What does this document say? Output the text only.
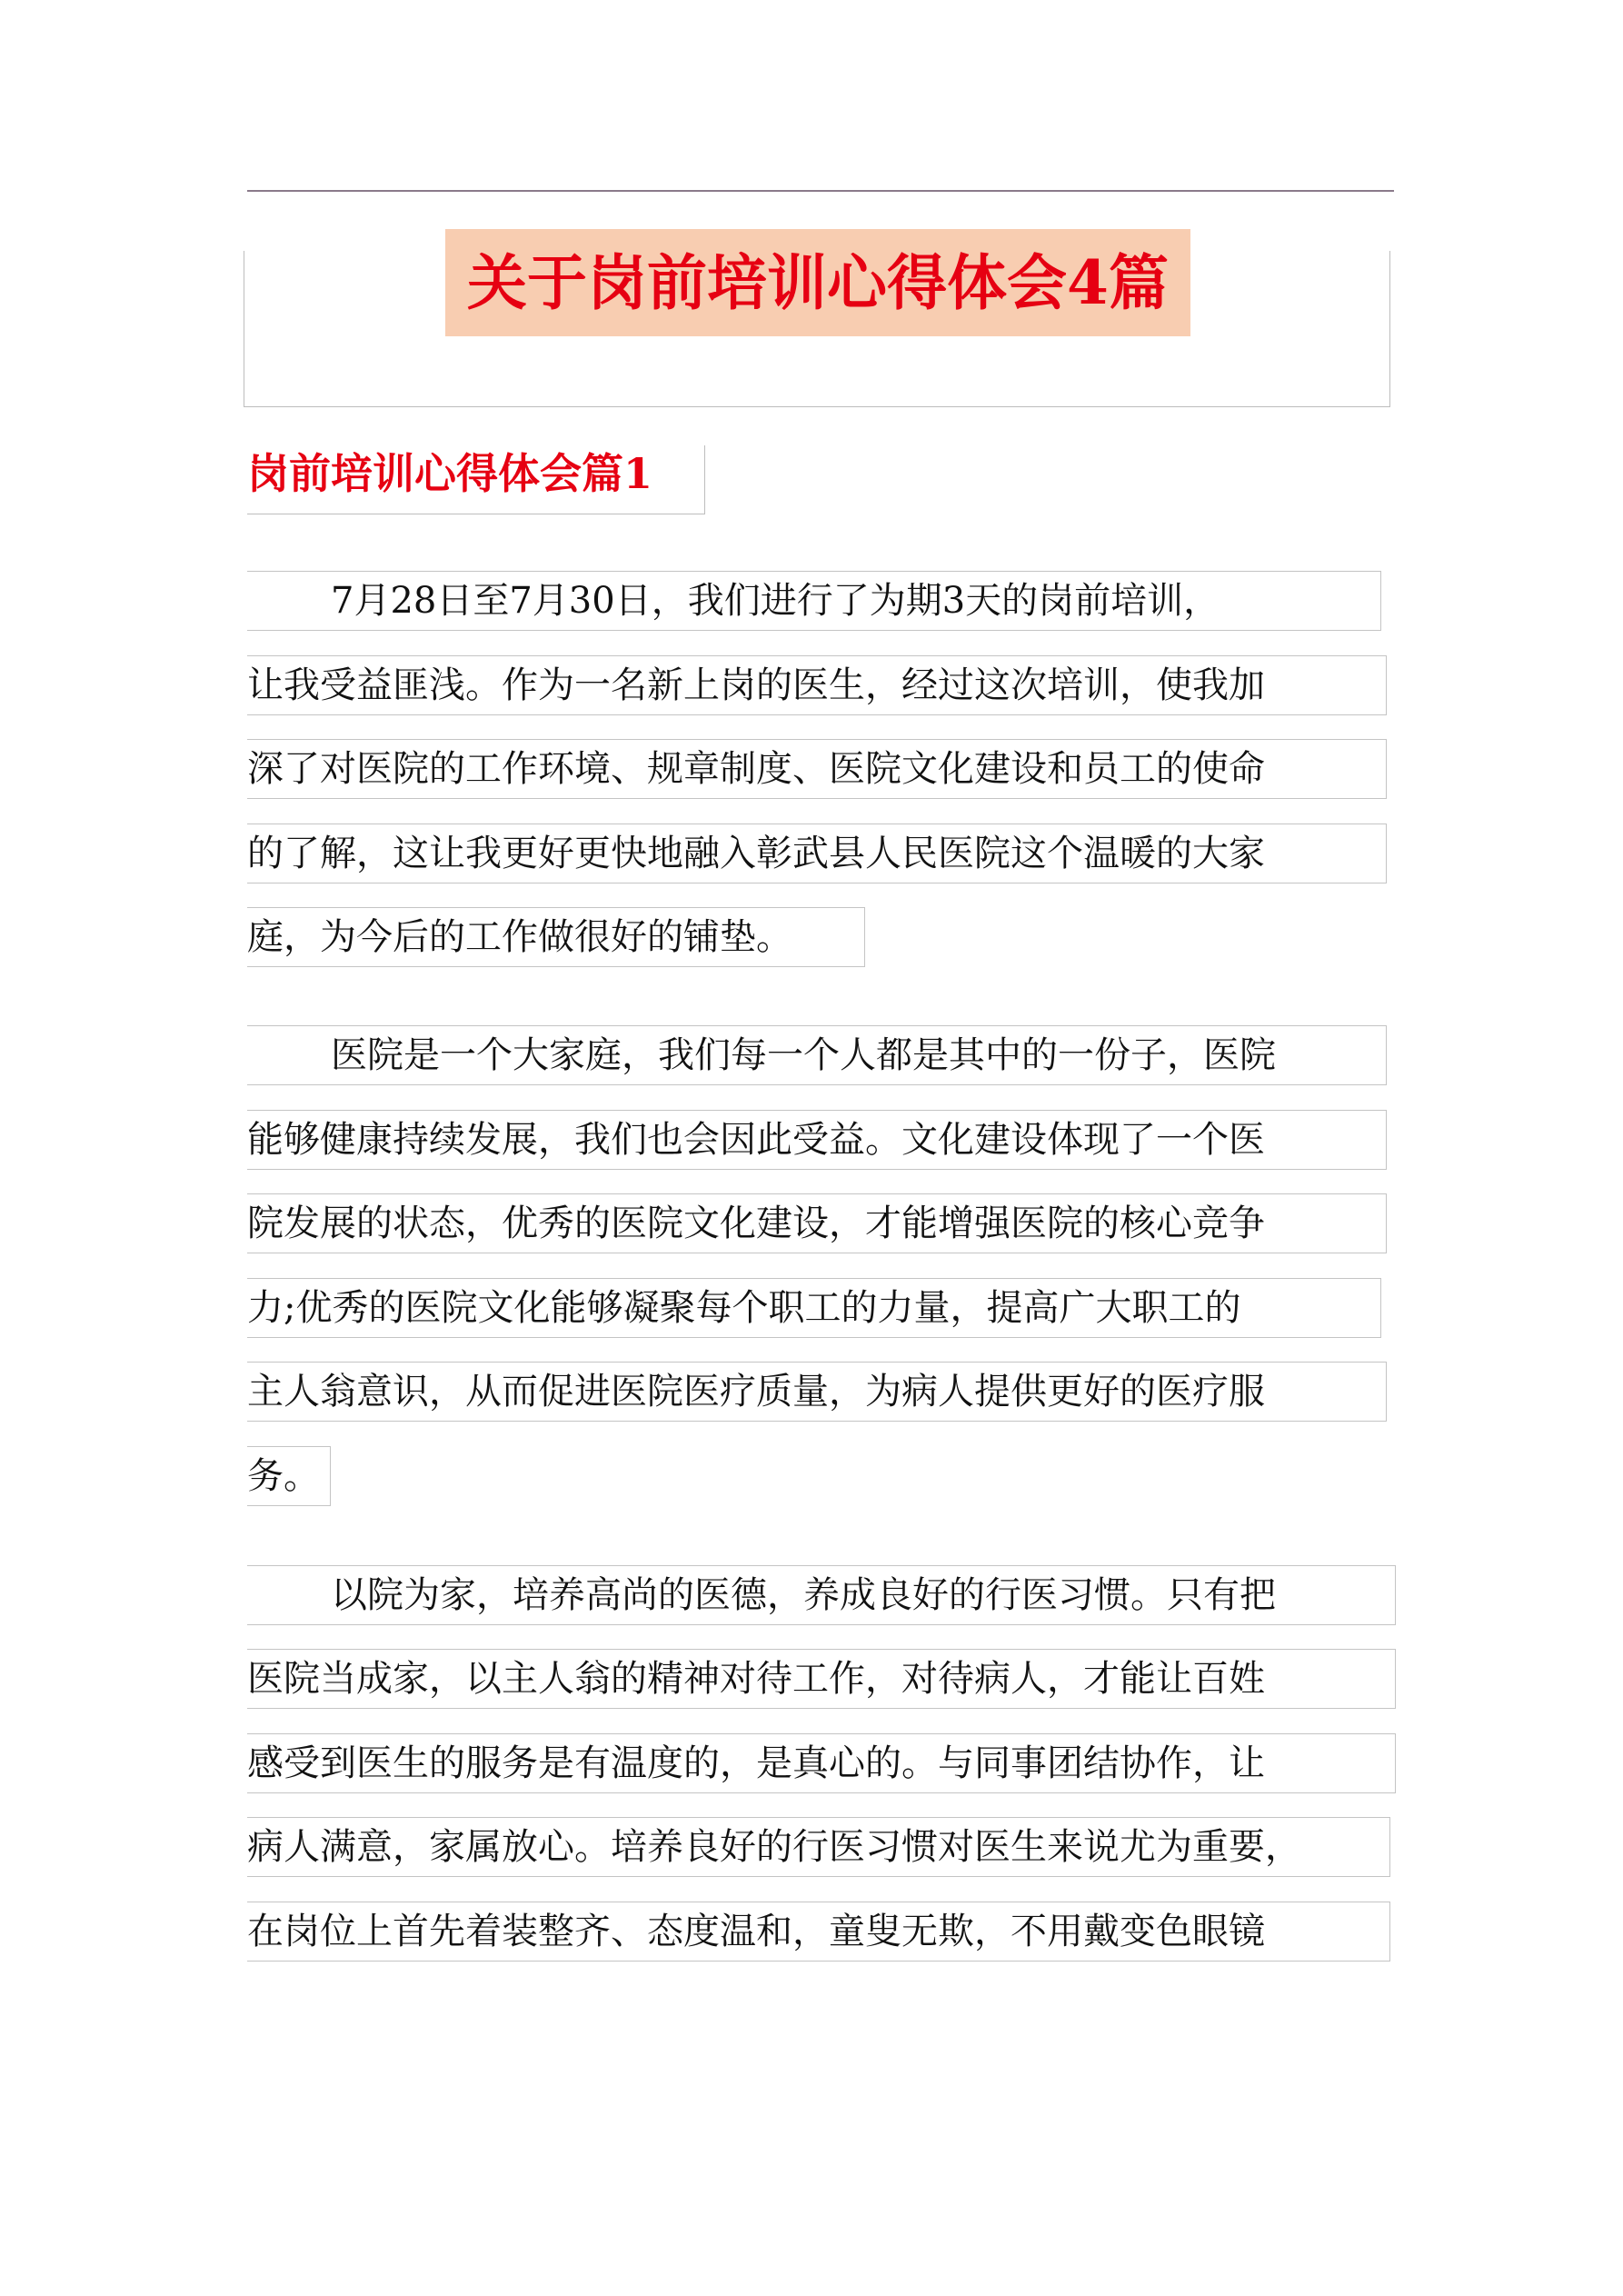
关于岗前培训心得体会4篇
岗前培训心得体会篇1
7月28日至7月30日，我们进行了为期3天的岗前培训，
让我受益匪浅。作为一名新上岗的医生，经过这次培训，使我加
深了对医院的工作环境、规章制度、医院文化建设和员工的使命
的了解，这让我更好更快地融入彰武县人民医院这个温暖的大家
庭，为今后的工作做很好的铺垫。
医院是一个大家庭，我们每一个人都是其中的一份子，医院
能够健康持续发展，我们也会因此受益。文化建设体现了一个医
院发展的状态，优秀的医院文化建设，才能增强医院的核心竞争
力;优秀的医院文化能够凝聚每个职工的力量，提高广大职工的
主人翁意识，从而促进医院医疗质量，为病人提供更好的医疗服
务。
以院为家，培养高尚的医德，养成良好的行医习惯。只有把
医院当成家，以主人翁的精神对待工作，对待病人，才能让百姓
感受到医生的服务是有温度的，是真心的。与同事团结协作，让
病人满意，家属放心。培养良好的行医习惯对医生来说尤为重要，
在岗位上首先着装整齐、态度温和，童叟无欺，不用戴变色眼镜
